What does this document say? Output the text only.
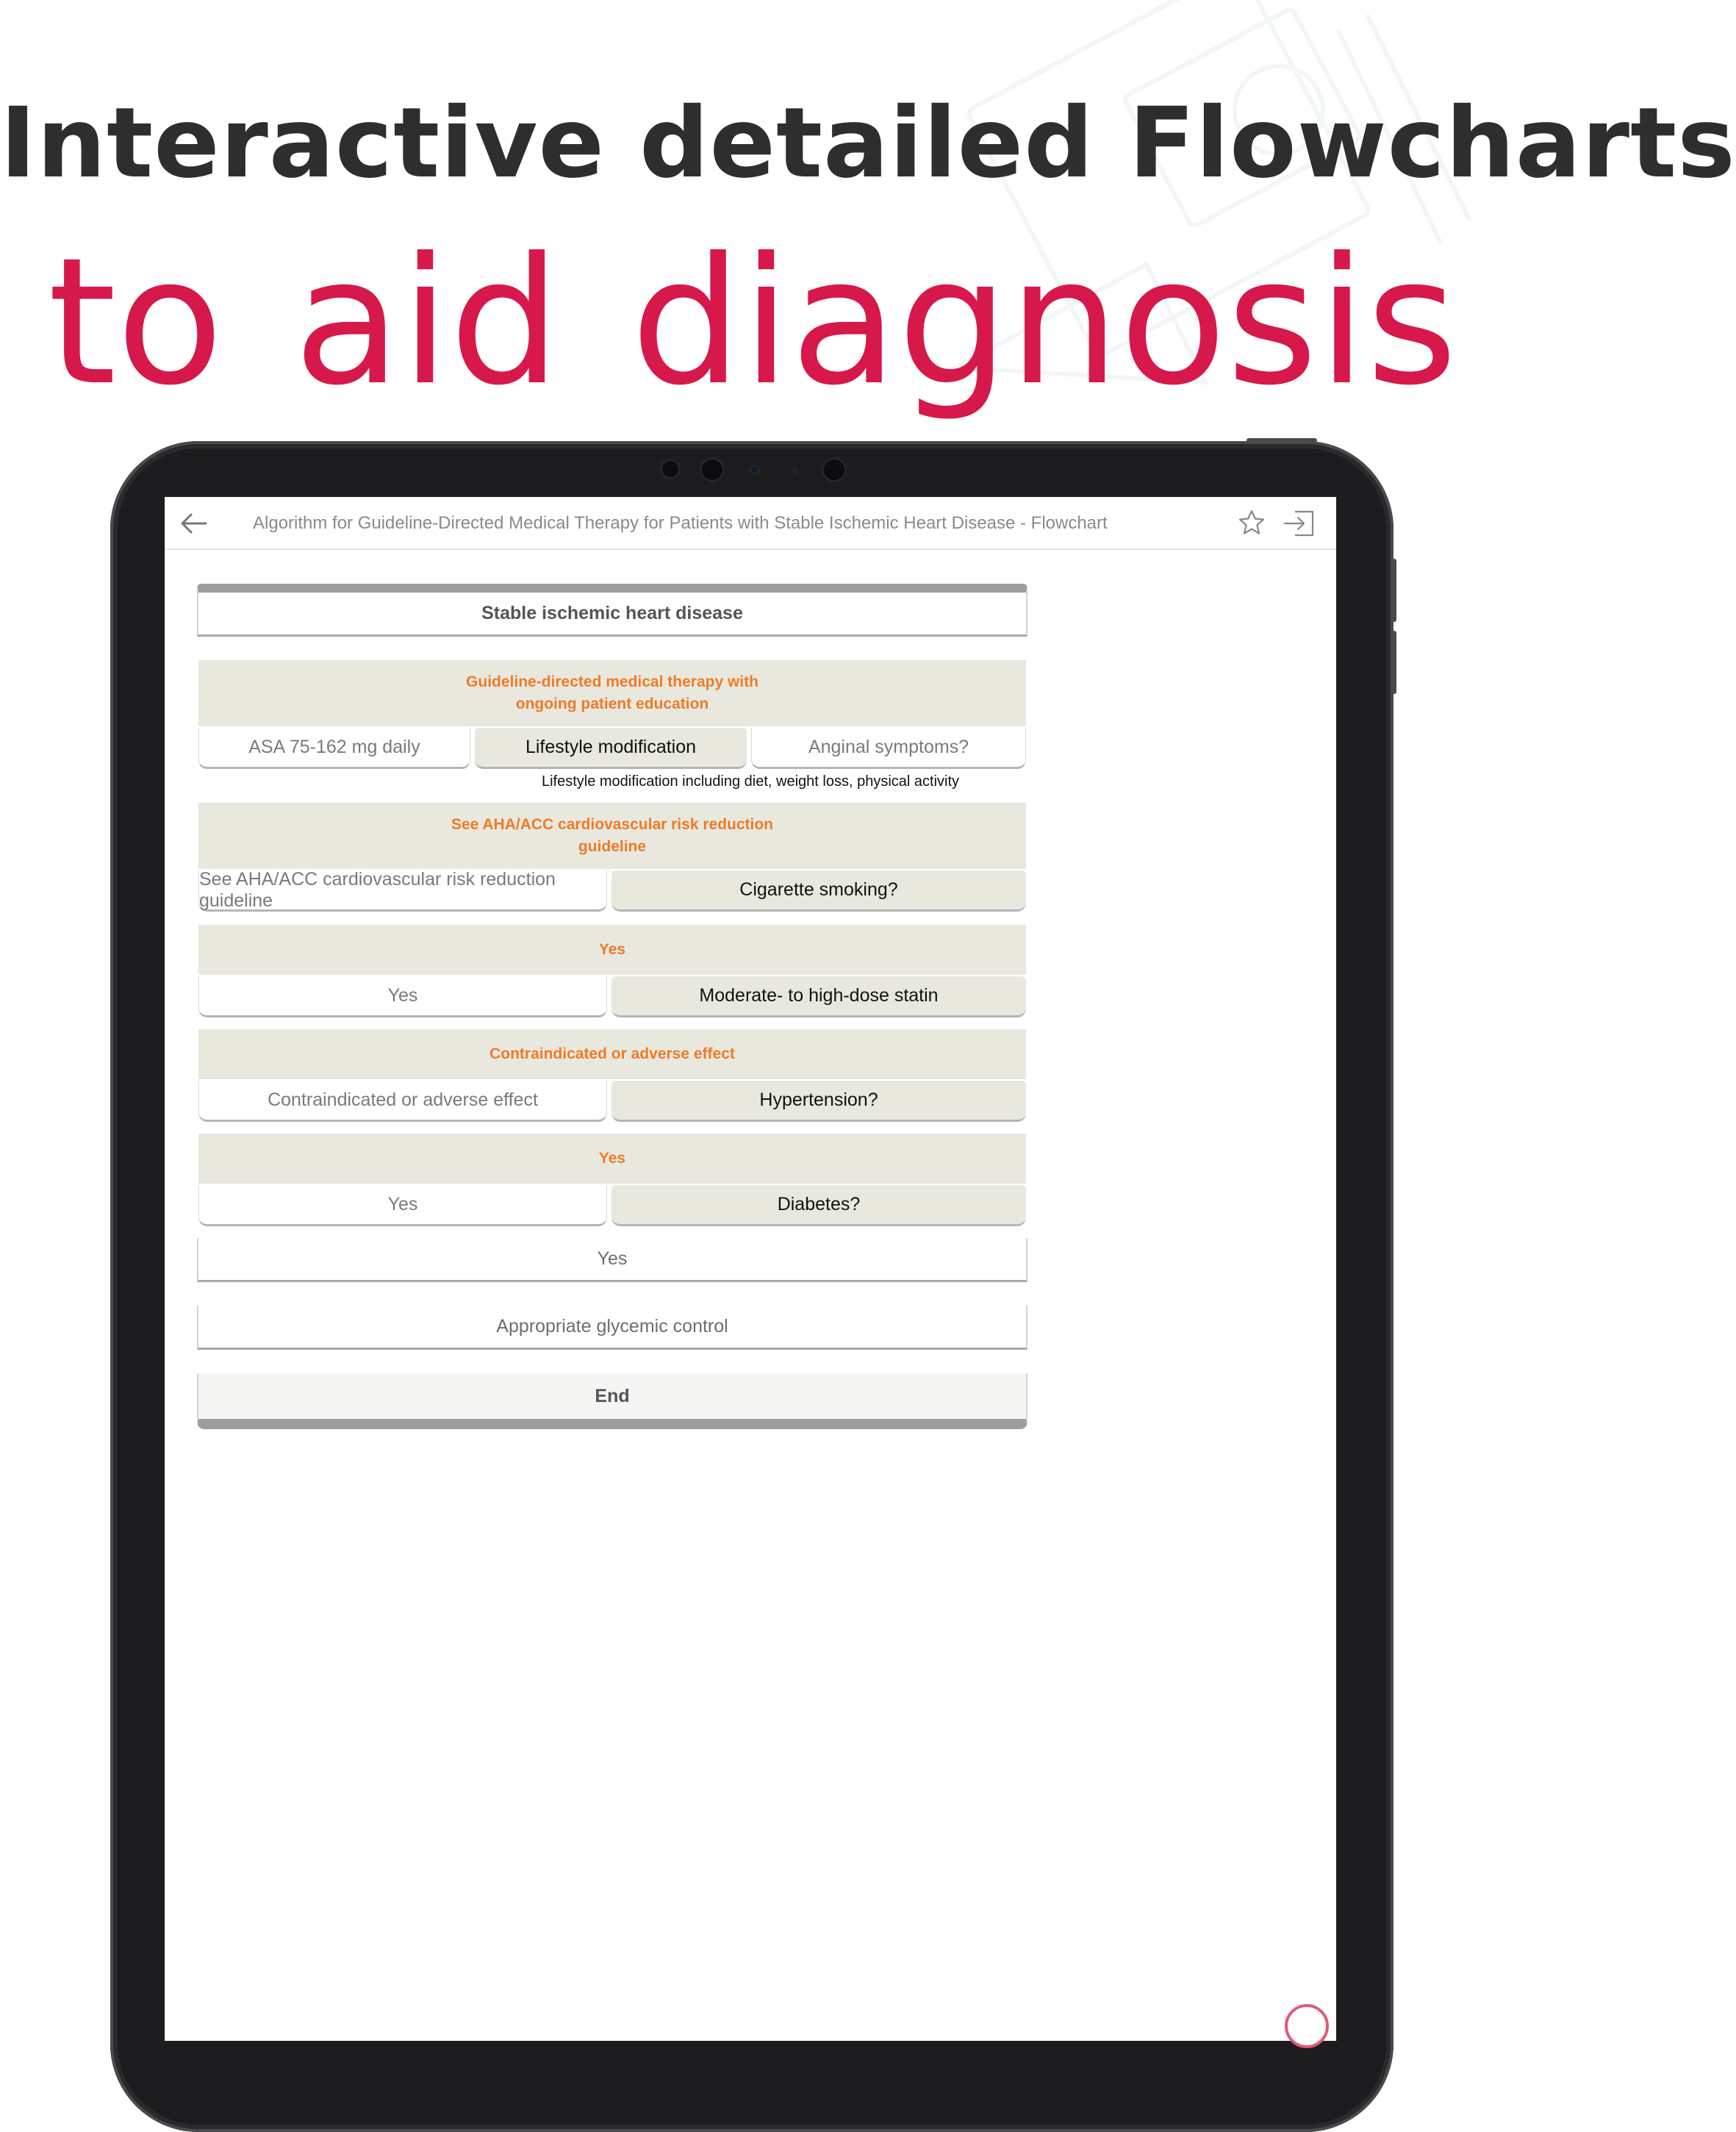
Interactive detailed Flowcharts
to aid diagnosis
Algorithm for Guideline-Directed Medical Therapy for Patients with Stable Ischemic Heart Disease - Flowchart
Stable ischemic heart disease
Guideline-directed medical therapy with
ongoing patient education
ASA 75-162 mg daily	Lifestyle modification	Anginal symptoms?
Lifestyle modification including diet, weight loss, physical activity
See AHA/ACC cardiovascular risk reduction
guideline
See AHA/ACC cardiovascular risk reduction guideline
Cigarette smoking?
Yes
Yes	Moderate- to high-dose statin
Contraindicated or adverse effect
Contraindicated or adverse effect	Hypertension?
Yes
Yes	Diabetes?
Yes
Appropriate glycemic control
End
